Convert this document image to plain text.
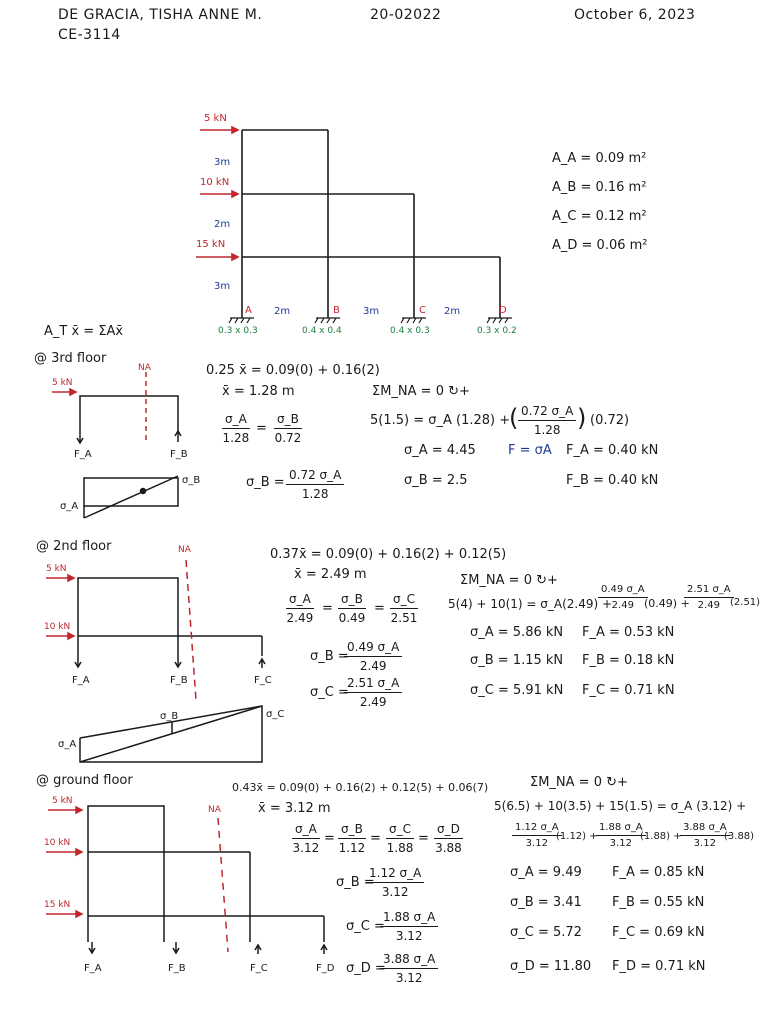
DE GRACIA, TISHA ANNE M.
CE-3114
20-02022	October 6, 2023
5 kN
10 kN
15 kN
3m
2m
3m
A	B	C	D
2m	3m	2m
0.3 x 0.3	0.4 x 0.4	0.4 x 0.3	0.3 x 0.2
A_A = 0.09 m²
A_B = 0.16 m²
A_C = 0.12 m²
A_D = 0.06 m²
A_T x̄ = ΣAx̄
@ 3rd floor
5 kN
NA
F_A	F_B
σ_B
σ_A
0.25 x̄ = 0.09(0) + 0.16(2)
x̄ = 1.28 m
$\frac{\sigma\_A}{1.28} = \frac{\sigma\_B}{0.72}$
σ_B = $\frac{0.72 \sigma\_A}{1.28}$
ΣM_NA = 0 ↻+
5(1.5) = σ_A (1.28) +
( $\frac{0.72 \sigma\_A}{1.28}$ ) (0.72)
σ_A = 4.45
σ_B = 2.5
F = σA F_A = 0.40 kN
F_B = 0.40 kN
@ 2nd floor
5 kN
10 kN
NA
F_A	F_B	F_C
σ_B	σ_C
σ_A
0.37x̄ = 0.09(0) + 0.16(2) + 0.12(5)
x̄ = 2.49 m
$\frac{\sigma\_A}{2.49} = \frac{\sigma\_B}{0.49} = \frac{\sigma\_C}{2.51}$
σ_B =
$\frac{0.49 \sigma\_A}{2.49}$
σ_C =
$\frac{2.51 \sigma\_A}{2.49}$
ΣM_NA = 0 ↻+
5(4) + 10(1) = σ_A(2.49) +
$\frac{0.49 \sigma\_A}{2.49}$
(0.49) +
$\frac{2.51 \sigma\_A}{2.49}$
(2.51)
σ_A = 5.86 kN
σ_B = 1.15 kN
σ_C = 5.91 kN
F_A = 0.53 kN
F_B = 0.18 kN
F_C = 0.71 kN
@ ground floor
5 kN
10 kN
15 kN
NA
F_A	F_B	F_C	F_D
0.43x̄ = 0.09(0) + 0.16(2) + 0.12(5) + 0.06(7)
x̄ = 3.12 m
$\frac{\sigma\_A}{3.12} = \frac{\sigma\_B}{1.12} = \frac{\sigma\_C}{1.88} = \frac{\sigma\_D}{3.88}$
σ_B =
$\frac{1.12 \sigma\_A}{3.12}$
σ_C =
$\frac{1.88 \sigma\_A}{3.12}$
σ_D =
$\frac{3.88 \sigma\_A}{3.12}$
ΣM_NA = 0 ↻+
5(6.5) + 10(3.5) + 15(1.5) = σ_A (3.12) +
$\frac{1.12 \sigma\_A}{3.12}$
(1.12) +
$\frac{1.88 \sigma\_A}{3.12}$
(1.88) +
$\frac{3.88 \sigma\_A}{3.12}$
(3.88)
σ_A = 9.49
σ_B = 3.41
σ_C = 5.72
σ_D = 11.80
F_A = 0.85 kN
F_B = 0.55 kN
F_C = 0.69 kN
F_D = 0.71 kN
